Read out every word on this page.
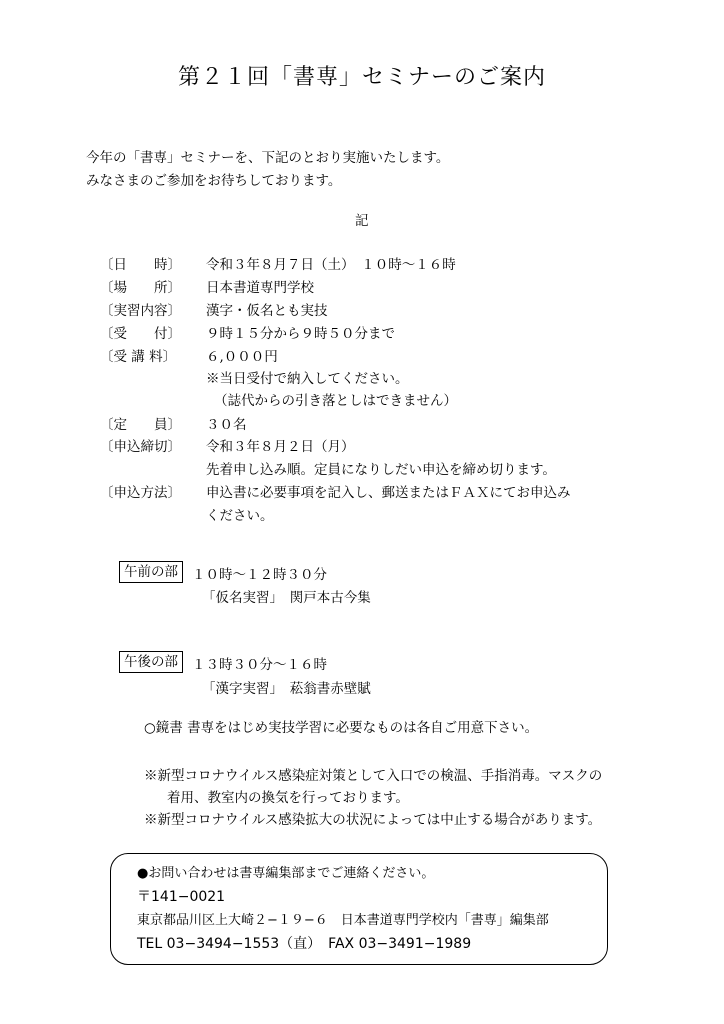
第２１回「書専」セミナーのご案内
今年の「書専」セミナーを、下記のとおり実施いたします。
みなさまのご参加をお待ちしております。
記
〔日　　時〕 令和３年８月７日（土）　１０時～１６時
〔場　　所〕 日本書道専門学校
〔実習内容〕 漢字・仮名とも実技
〔受　　付〕 ９時１５分から９時５０分まで
〔受 講 料〕 ６,０００円
※当日受付で納入してください。
（誌代からの引き落としはできません）
〔定　　員〕 ３０名
〔申込締切〕 令和３年８月２日（月）
先着申し込み順。定員になりしだい申込を締め切ります。
〔申込方法〕 申込書に必要事項を記入し、郵送またはＦＡＸにてお申込み
ください。
午前の部	１０時～１２時３０分
「仮名実習」　関戸本古今集
午後の部	１３時３０分～１６時
「漢字実習」　菘翁書赤壁賦
○鏡書 書専をはじめ実技学習に必要なものは各自ご用意下さい。
※新型コロナウイルス感染症対策として入口での検温、手指消毒。マスクの
着用、教室内の換気を行っております。
※新型コロナウイルス感染拡大の状況によっては中止する場合があります。
●お問い合わせは書専編集部までご連絡ください。
〒141−0021
東京都品川区上大崎２−１９−６　日本書道専門学校内「書専」編集部
TEL 03−3494−1553（直）　FAX 03−3491−1989
